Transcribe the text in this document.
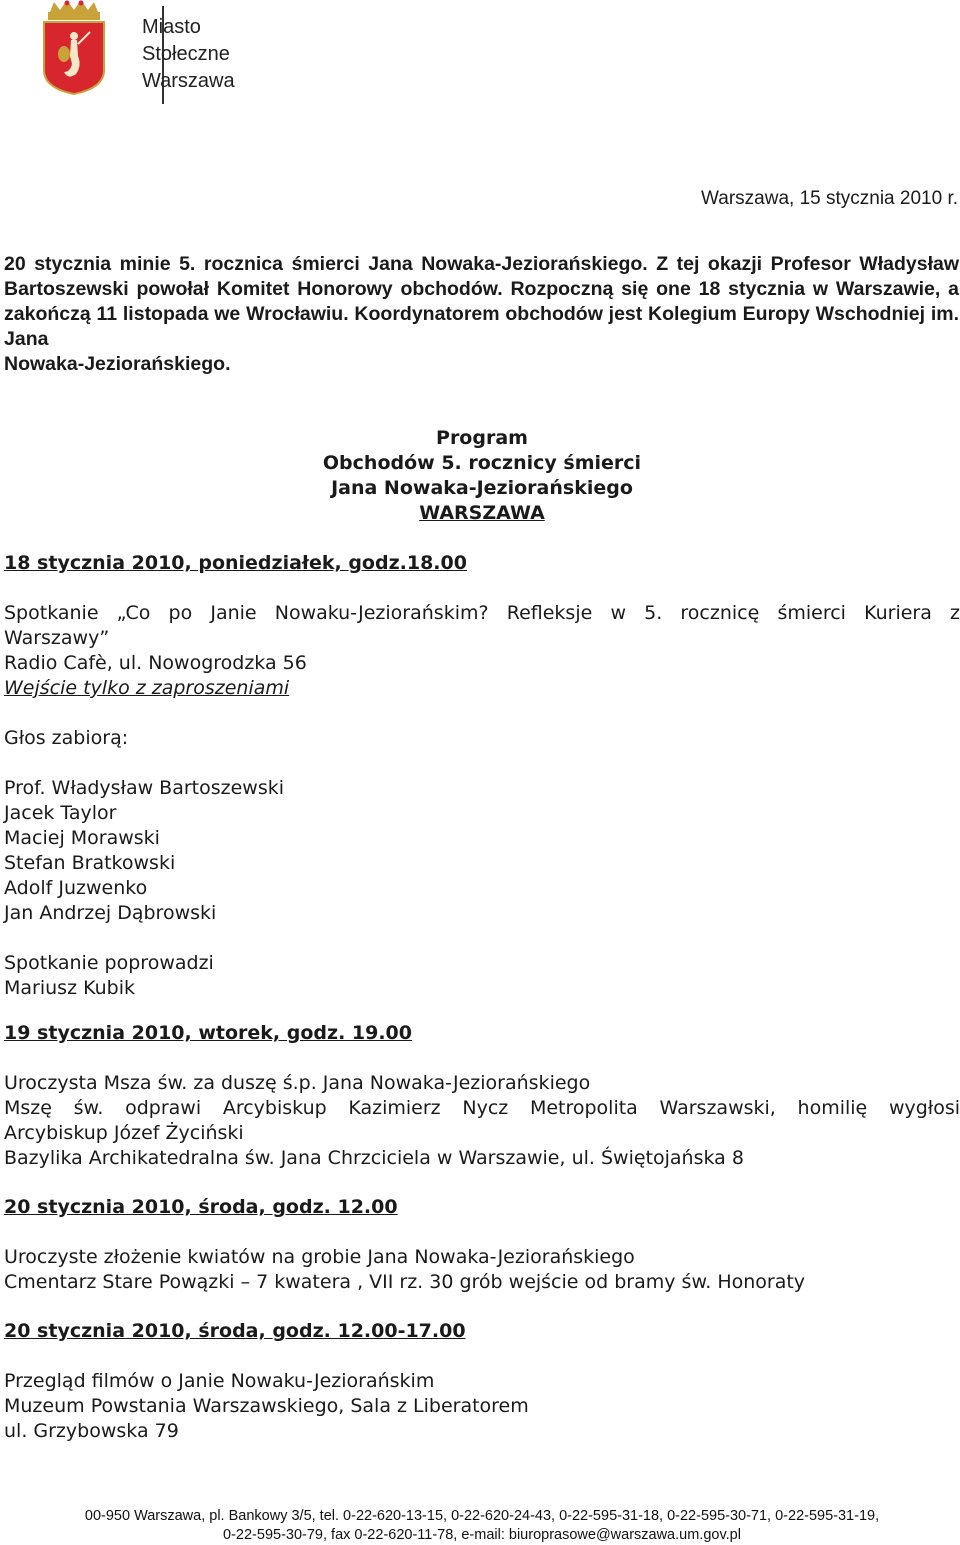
Miasto
Stołeczne
Warszawa
Warszawa, 15 stycznia 2010 r.

20 stycznia minie 5. rocznica śmierci Jana Nowaka-Jeziorańskiego. Z tej okazji Profesor Władysław Bartoszewski powołał Komitet Honorowy obchodów. Rozpoczną się one 18 stycznia w Warszawie, a zakończą 11 listopada we Wrocławiu. Koordynatorem obchodów jest Kolegium Europy Wschodniej im. Jana

Nowaka-Jeziorańskiego.

Program
Obchodów 5. rocznicy śmierci
Jana Nowaka-Jeziorańskiego
WARSZAWA
18 stycznia 2010, poniedziałek, godz.18.00
Spotkanie „Co po Janie Nowaku-Jeziorańskim? Refleksje w 5. rocznicę śmierci Kuriera z
Warszawy”
Radio Cafè, ul. Nowogrodzka 56
Wejście tylko z zaproszeniami
Głos zabiorą:
Prof. Władysław Bartoszewski
Jacek Taylor
Maciej Morawski
Stefan Bratkowski
Adolf Juzwenko
Jan Andrzej Dąbrowski
Spotkanie poprowadzi
Mariusz Kubik
19 stycznia 2010, wtorek, godz. 19.00
Uroczysta Msza św. za duszę ś.p. Jana Nowaka-Jeziorańskiego
Mszę św. odprawi Arcybiskup Kazimierz Nycz Metropolita Warszawski, homilię wygłosi
Arcybiskup Józef Życiński
Bazylika Archikatedralna św. Jana Chrzciciela w Warszawie, ul. Świętojańska 8
20 stycznia 2010, środa, godz. 12.00
Uroczyste złożenie kwiatów na grobie Jana Nowaka-Jeziorańskiego
Cmentarz Stare Powązki – 7 kwatera , VII rz. 30 grób wejście od bramy św. Honoraty
20 stycznia 2010, środa, godz. 12.00-17.00
Przegląd filmów o Janie Nowaku-Jeziorańskim
Muzeum Powstania Warszawskiego, Sala z Liberatorem
ul. Grzybowska 79
00-950 Warszawa, pl. Bankowy 3/5, tel. 0-22-620-13-15, 0-22-620-24-43, 0-22-595-31-18, 0-22-595-30-71, 0-22-595-31-19,
0-22-595-30-79, fax 0-22-620-11-78, e-mail: biuroprasowe@warszawa.um.gov.pl
